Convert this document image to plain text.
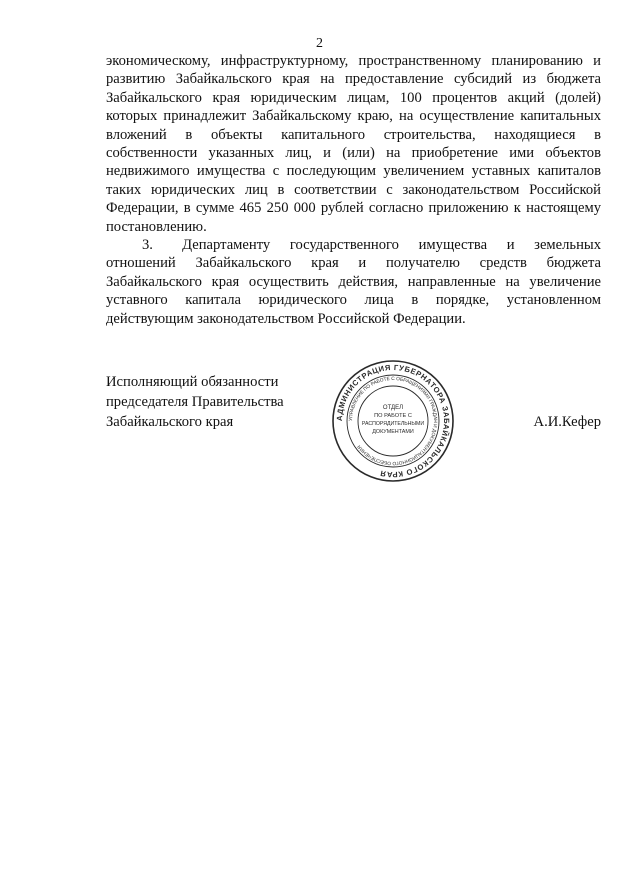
2

экономическому, инфраструктурному, пространственному планированию и развитию Забайкальского края на предоставление субсидий из бюджета Забайкальского края юридическим лицам, 100 процентов акций (долей) которых принадлежит Забайкальскому краю, на осуществление капитальных вложений в объекты капитального строительства, находящиеся в собственности указанных лиц, и (или) на приобретение ими объектов недвижимого имущества с последующим увеличением уставных капиталов таких юридических лиц в соответствии с законодательством Российской Федерации, в сумме 465 250 000 рублей согласно приложению к настоящему постановлению.

3.   Департаменту государственного имущества и земельных отношений Забайкальского края и получателю средств бюджета Забайкальского края осуществить действия, направленные на увеличение уставного капитала юридического лица в порядке, установленном действующим законодательством Российской Федерации.

Исполняющий обязанности
председателя Правительства
Забайкальского края	АДМИНИСТРАЦИЯ ГУБЕРНАТОРА ЗАБАЙКАЛЬСКОГО КРАЯ
УПРАВЛЕНИЕ ПО РАБОТЕ С ОБРАЩЕНИЯМИ ГРАЖДАН И ДОКУМЕНТАЦИОННОГО ОБЕСПЕЧЕНИЯ
ОТДЕЛ
ПО РАБОТЕ С
РАСПОРЯДИТЕЛЬНЫМИ
ДОКУМЕНТАМИ
А.И.Кефер
